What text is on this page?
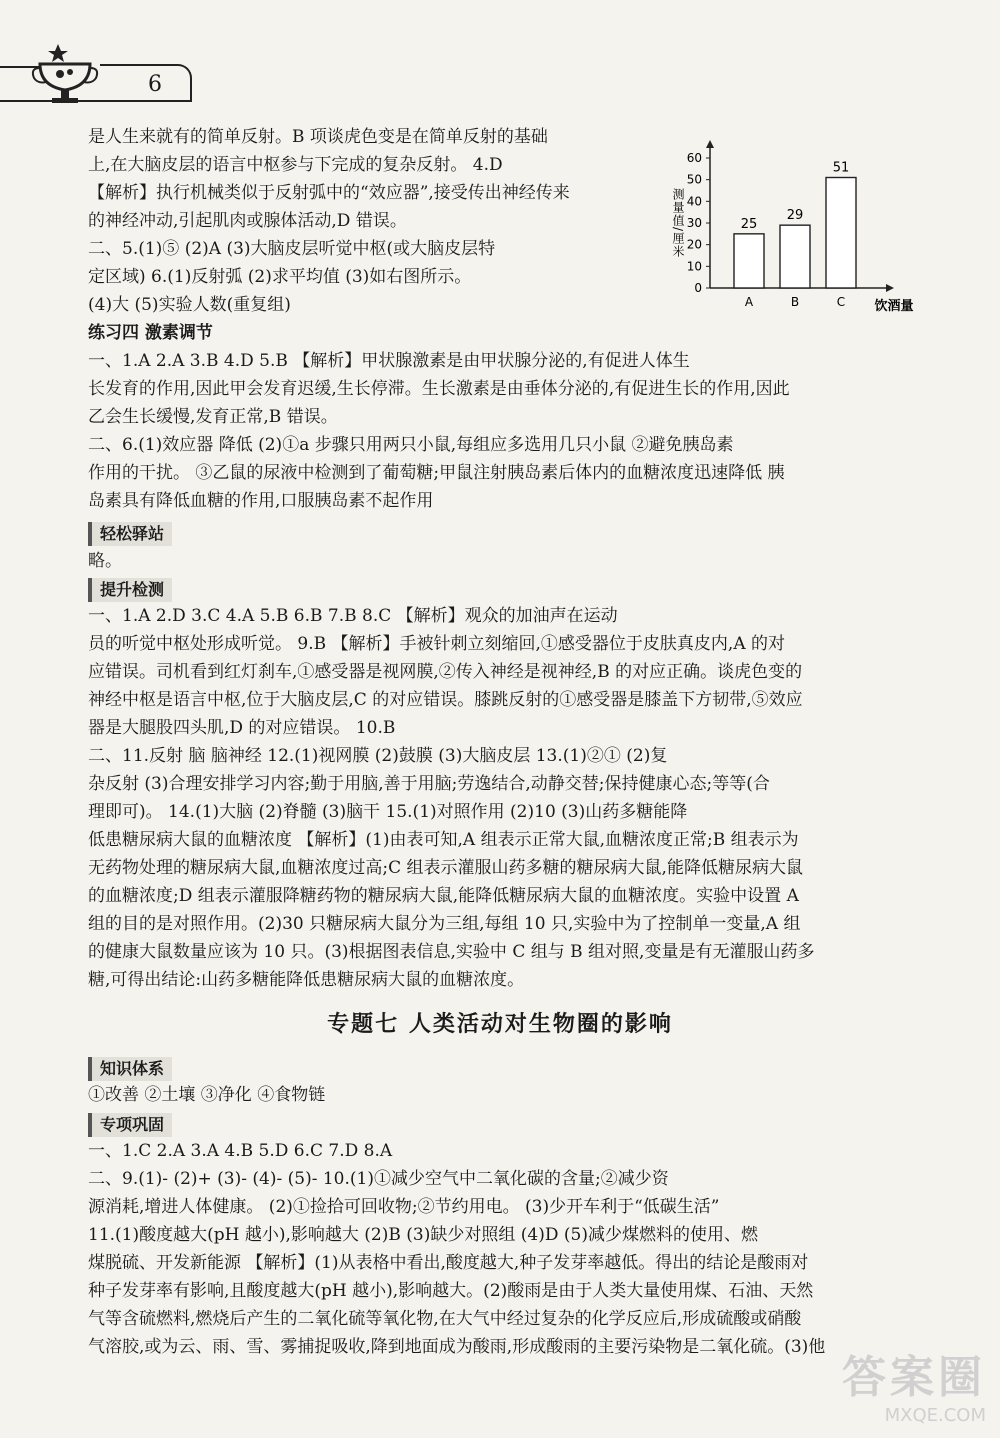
6
是人生来就有的简单反射。B 项谈虎色变是在简单反射的基础
上,在大脑皮层的语言中枢参与下完成的复杂反射。 4.D
【解析】执行机械类似于反射弧中的“效应器”,接受传出神经传来
的神经冲动,引起肌肉或腺体活动,D 错误。
二、5.(1)⑤ (2)A (3)大脑皮层听觉中枢(或大脑皮层特
定区域) 6.(1)反射弧 (2)求平均值 (3)如右图所示。
(4)大 (5)实验人数(重复组)
0
10
20
30
40
50
60
测量值/厘米
饮酒量
25
A
29
B
51
C
练习四 激素调节
一、1.A 2.A 3.B 4.D 5.B 【解析】甲状腺激素是由甲状腺分泌的,有促进人体生
长发育的作用,因此甲会发育迟缓,生长停滞。生长激素是由垂体分泌的,有促进生长的作用,因此
乙会生长缓慢,发育正常,B 错误。
二、6.(1)效应器 降低 (2)①a 步骤只用两只小鼠,每组应多选用几只小鼠 ②避免胰岛素
作用的干扰。 ③乙鼠的尿液中检测到了葡萄糖;甲鼠注射胰岛素后体内的血糖浓度迅速降低 胰
岛素具有降低血糖的作用,口服胰岛素不起作用
轻松驿站
略。
提升检测
一、1.A 2.D 3.C 4.A 5.B 6.B 7.B 8.C 【解析】观众的加油声在运动
员的听觉中枢处形成听觉。 9.B 【解析】手被针刺立刻缩回,①感受器位于皮肤真皮内,A 的对
应错误。司机看到红灯刹车,①感受器是视网膜,②传入神经是视神经,B 的对应正确。谈虎色变的
神经中枢是语言中枢,位于大脑皮层,C 的对应错误。膝跳反射的①感受器是膝盖下方韧带,⑤效应
器是大腿股四头肌,D 的对应错误。 10.B
二、11.反射 脑 脑神经 12.(1)视网膜 (2)鼓膜 (3)大脑皮层 13.(1)②① (2)复
杂反射 (3)合理安排学习内容;勤于用脑,善于用脑;劳逸结合,动静交替;保持健康心态;等等(合
理即可)。 14.(1)大脑 (2)脊髓 (3)脑干 15.(1)对照作用 (2)10 (3)山药多糖能降
低患糖尿病大鼠的血糖浓度 【解析】(1)由表可知,A 组表示正常大鼠,血糖浓度正常;B 组表示为
无药物处理的糖尿病大鼠,血糖浓度过高;C 组表示灌服山药多糖的糖尿病大鼠,能降低糖尿病大鼠
的血糖浓度;D 组表示灌服降糖药物的糖尿病大鼠,能降低糖尿病大鼠的血糖浓度。实验中设置 A
组的目的是对照作用。(2)30 只糖尿病大鼠分为三组,每组 10 只,实验中为了控制单一变量,A 组
的健康大鼠数量应该为 10 只。(3)根据图表信息,实验中 C 组与 B 组对照,变量是有无灌服山药多
糖,可得出结论:山药多糖能降低患糖尿病大鼠的血糖浓度。
专题七 人类活动对生物圈的影响
知识体系
①改善 ②土壤 ③净化 ④食物链
专项巩固
一、1.C 2.A 3.A 4.B 5.D 6.C 7.D 8.A
二、9.(1)- (2)+ (3)- (4)- (5)- 10.(1)①减少空气中二氧化碳的含量;②减少资
源消耗,增进人体健康。 (2)①捡拾可回收物;②节约用电。 (3)少开车利于“低碳生活”
11.(1)酸度越大(pH 越小),影响越大 (2)B (3)缺少对照组 (4)D (5)减少煤燃料的使用、燃
煤脱硫、开发新能源 【解析】(1)从表格中看出,酸度越大,种子发芽率越低。得出的结论是酸雨对
种子发芽率有影响,且酸度越大(pH 越小),影响越大。(2)酸雨是由于人类大量使用煤、石油、天然
气等含硫燃料,燃烧后产生的二氧化硫等氧化物,在大气中经过复杂的化学反应后,形成硫酸或硝酸
气溶胶,或为云、雨、雪、雾捕捉吸收,降到地面成为酸雨,形成酸雨的主要污染物是二氧化硫。(3)他
答案圈
MXQE.COM
